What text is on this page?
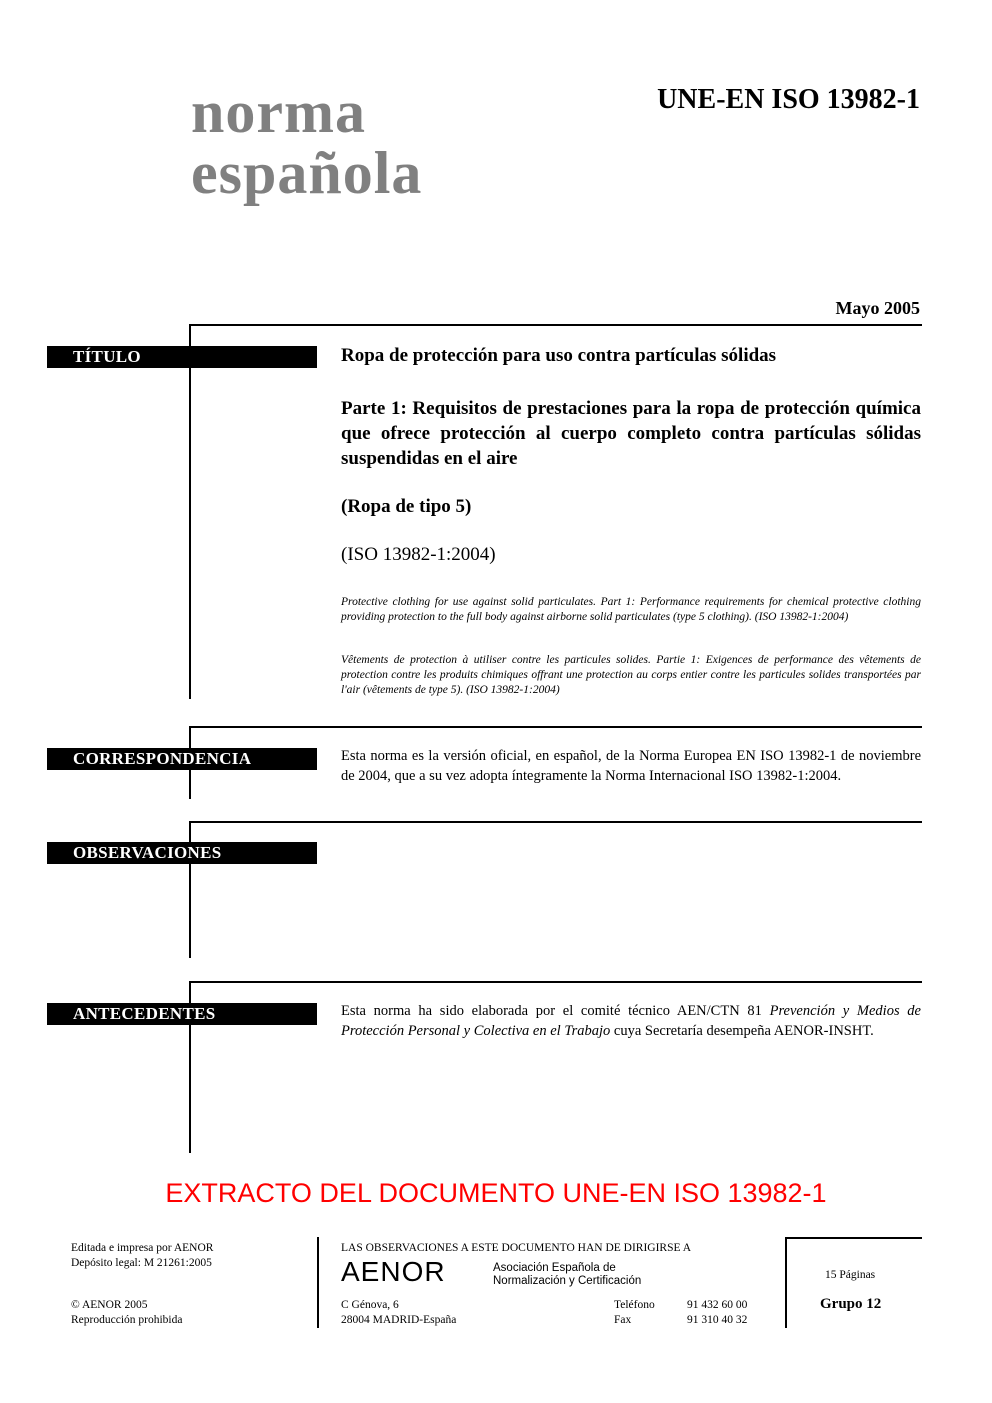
norma
española
UNE-EN ISO 13982-1
Mayo 2005
TÍTULO	Ropa de protección para uso contra partículas sólidas
Parte 1: Requisitos de prestaciones para la ropa de protección química que ofrece protección al cuerpo completo contra partículas sólidas suspendidas en el aire
(Ropa de tipo 5)
(ISO 13982-1:2004)
Protective clothing for use against solid particulates. Part 1: Performance requirements for chemical protective clothing providing protection to the full body against airborne solid particulates (type 5 clothing). (ISO 13982-1:2004)
Vêtements de protection à utiliser contre les particules solides. Partie 1: Exigences de performance des vêtements de protection contre les produits chimiques offrant une protection au corps entier contre les particules solides transportées par l'air (vêtements de type 5). (ISO 13982-1:2004)
CORRESPONDENCIA	Esta norma es la versión oficial, en español, de la Norma Europea EN ISO 13982-1 de noviembre de 2004, que a su vez adopta íntegramente la Norma Internacional ISO 13982-1:2004.
OBSERVACIONES
ANTECEDENTES	Esta norma ha sido elaborada por el comité técnico AEN/CTN 81 Prevención y Medios de Protección Personal y Colectiva en el Trabajo cuya Secretaría desempeña AENOR-INSHT.
EXTRACTO DEL DOCUMENTO UNE-EN ISO 13982-1
Editada e impresa por AENOR
Depósito legal: M 21261:2005
© AENOR 2005
Reproducción prohibida
LAS OBSERVACIONES A ESTE DOCUMENTO HAN DE DIRIGIRSE A
AENOR	Asociación Española de
Normalización y Certificación
C Génova, 6
28004 MADRID-España
Teléfono	91 432 60 00
Fax	91 310 40 32
15 Páginas
Grupo 12
